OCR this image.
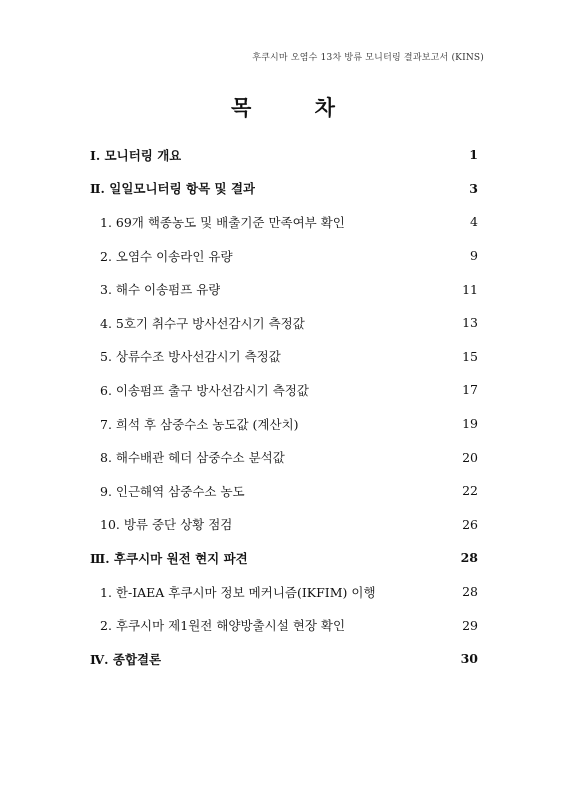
후쿠시마 오염수 13차 방류 모니터링 결과보고서 (KINS)
목 차
Ⅰ. 모니터링 개요	1
Ⅱ. 일일모니터링 항목 및 결과	3
1. 69개 핵종농도 및 배출기준 만족여부 확인	4
2. 오염수 이송라인 유량	9
3. 해수 이송펌프 유량	11
4. 5호기 취수구 방사선감시기 측정값	13
5. 상류수조 방사선감시기 측정값	15
6. 이송펌프 출구 방사선감시기 측정값	17
7. 희석 후 삼중수소 농도값 (계산치)	19
8. 해수배관 헤더 삼중수소 분석값	20
9. 인근해역 삼중수소 농도	22
10. 방류 중단 상황 점검	26
Ⅲ. 후쿠시마 원전 현지 파견	28
1. 한-IAEA 후쿠시마 정보 메커니즘(IKFIM) 이행	28
2. 후쿠시마 제1원전 해양방출시설 현장 확인	29
Ⅳ. 종합결론	30
